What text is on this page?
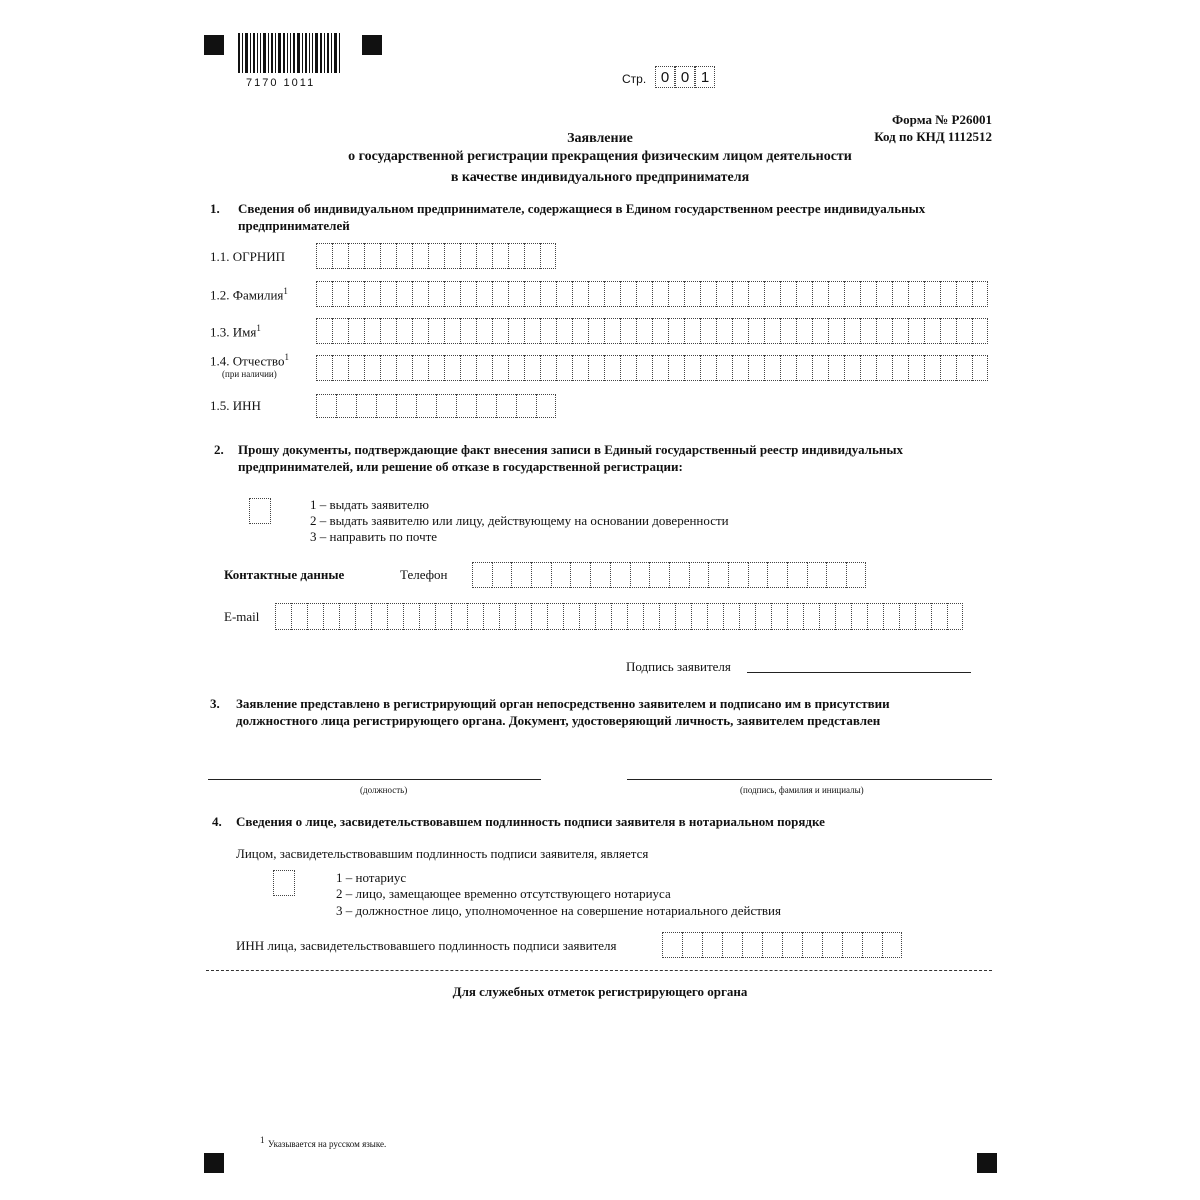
7170 1011	Стр. 0 0 1
Форма № Р26001
Код по КНД 1112512
Заявление
о государственной регистрации прекращения физическим лицом деятельности
в качестве индивидуального предпринимателя
1. Сведения об индивидуальном предпринимателе, содержащиеся в Едином государственном реестре индивидуальных
предпринимателей
1.1. ОГРНИП
1.2. Фамилия$^1$
1.3. Имя$^1$
1.4. Отчество$^1$
(при наличии)
1.5. ИНН
2. Прошу документы, подтверждающие факт внесения записи в Единый государственный реестр индивидуальных
предпринимателей, или решение об отказе в государственной регистрации:
1 – выдать заявителю
2 – выдать заявителю или лицу, действующему на основании доверенности
3 – направить по почте
Контактные данные	Телефон
E-mail
Подпись заявителя
3. Заявление представлено в регистрирующий орган непосредственно заявителем и подписано им в присутствии
должностного лица регистрирующего органа. Документ, удостоверяющий личность, заявителем представлен
(должность)	(подпись, фамилия и инициалы)
4. Сведения о лице, засвидетельствовавшем подлинность подписи заявителя в нотариальном порядке
Лицом, засвидетельствовавшим подлинность подписи заявителя, является
1 – нотариус
2 – лицо, замещающее временно отсутствующего нотариуса
3 – должностное лицо, уполномоченное на совершение нотариального действия
ИНН лица, засвидетельствовавшего подлинность подписи заявителя
Для служебных отметок регистрирующего органа
1 Указывается на русском языке.
